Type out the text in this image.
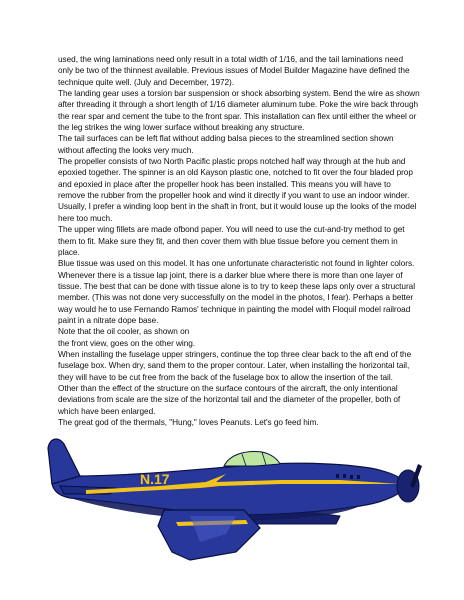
used, the wing laminations need only result in a total width of 1/16, and the tail laminations need only be two of the thinnest available. Previous issues of Model Builder Magazine have defined the technique quite well. (July and December, 1972).

The landing gear uses a torsion bar suspension or shock absorbing system. Bend the wire as shown after threading it through a short length of 1/16 diameter aluminum tube. Poke the wire back through the rear spar and cement the tube to the front spar. This installation can flex until either the wheel or the leg strikes the wing lower surface without breaking any structure.

The tail surfaces can be left flat without adding balsa pieces to the streamlined section shown without affecting the looks very much.

The propeller consists of two North Pacific plastic props notched half way through at the hub and epoxied together. The spinner is an old Kayson plastic one, notched to fit over the four bladed prop and epoxied in place after the propeller hook has been installed. This means you will have to remove the rubber from the propeller hook and wind it directly if you want to use an indoor winder. Usually, I prefer a winding loop bent in the shaft in front, but it would louse up the looks of the model here too much.

The upper wing fillets are made ofbond paper. You will need to use the cut-and-try method to get them to fit. Make sure they fit, and then cover them with blue tissue before you cement them in place.

Blue tissue was used on this model. It has one unfortunate characteristic not found in lighter colors. Whenever there is a tissue lap joint, there is a darker blue where there is more than one layer of tissue. The best that can be done with tissue alone is to try to keep these laps only over a structural member. (This was not done very successfully on the model in the photos, I fear). Perhaps a better way would he to use Fernando Ramos' technique in painting the model with Floquil model railroad paint in a nitrate dope base.

Note that the oil cooler, as shown on

the front view, goes on the other wing.

When installing the fuselage upper stringers, continue the top three clear back to the aft end of the fuselage box. When dry, sand them to the proper contour. Later, when installing the horizontal tail, they will have to be cut free from the back of the fuselage box to allow the insertion of the tail.

Other than the effect of the structure on the surface contours of the aircraft, the only intentional deviations from scale are the size of the horizontal tail and the diameter of the propeller, both of which have been enlarged.

The great god of the thermals, "Hung," loves Peanuts. Let's go feed him.

N.17
